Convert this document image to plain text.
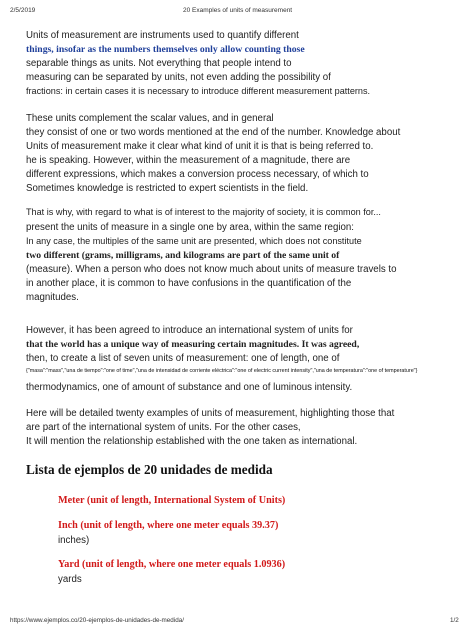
2/5/2019	20 Examples of units of measurement
Units of measurement are instruments used to quantify different
things, insofar as the numbers themselves only allow counting those
separable things as units. Not everything that people intend to
measuring can be separated by units, not even adding the possibility of
fractions: in certain cases it is necessary to introduce different measurement patterns.
These units complement the scalar values, and in general
they consist of one or two words mentioned at the end of the number. Knowledge about
Units of measurement make it clear what kind of unit it is that is being referred to.
he is speaking. However, within the measurement of a magnitude, there are
different expressions, which makes a conversion process necessary, of which to
Sometimes knowledge is restricted to expert scientists in the field.
That is why, with regard to what is of interest to the majority of society, it is common for...
present the units of measure in a single one by area, within the same region:
In any case, the multiples of the same unit are presented, which does not constitute
two different (grams, milligrams, and kilograms are part of the same unit of
(measure). When a person who does not know much about units of measure travels to
in another place, it is common to have confusions in the quantification of the
magnitudes.
However, it has been agreed to introduce an international system of units for
that the world has a unique way of measuring certain magnitudes. It was agreed,
then, to create a list of seven units of measurement: one of length, one of
{"masa":"mass","una de tiempo":"one of time","una de intensidad de corriente eléctrica":"one of electric current intensity","una de temperatura":"one of temperature"}
thermodynamics, one of amount of substance and one of luminous intensity.
Here will be detailed twenty examples of units of measurement, highlighting those that
are part of the international system of units. For the other cases,
It will mention the relationship established with the one taken as international.
Lista de ejemplos de 20 unidades de medida
Meter (unit of length, International System of Units)
Inch (unit of length, where one meter equals 39.37)
inches)
Yard (unit of length, where one meter equals 1.0936)
yards
https://www.ejemplos.co/20-ejemplos-de-unidades-de-medida/	1/2
